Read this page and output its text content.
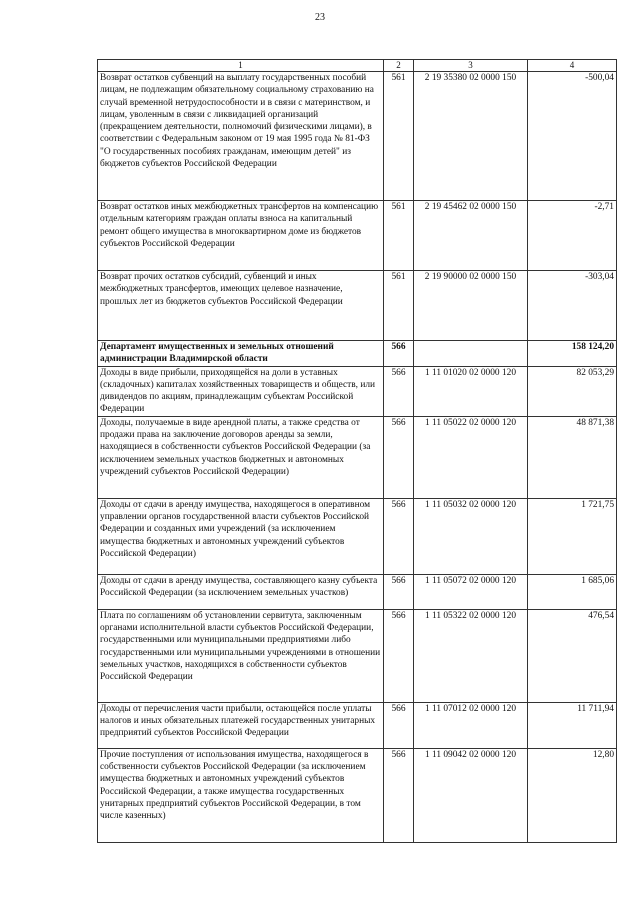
23
1	2	3	4
Возврат остатков субвенций на выплату государственных пособий лицам, не подлежащим обязательному социальному страхованию на случай временной нетрудоспособности и в связи с материнством, и лицам, уволенным в связи с ликвидацией организаций (прекращением деятельности, полномочий физическими лицами), в соответствии с Федеральным законом от 19 мая 1995 года № 81-ФЗ "О государственных пособиях гражданам, имеющим детей" из бюджетов субъектов Российской Федерации	561	2 19 35380 02 0000 150	-500,04
Возврат остатков иных межбюджетных трансфертов на компенсацию отдельным категориям граждан оплаты взноса на капитальный ремонт общего имущества в многоквартирном доме из бюджетов субъектов Российской Федерации	561	2 19 45462 02 0000 150	-2,71
Возврат прочих остатков субсидий, субвенций и иных межбюджетных трансфертов, имеющих целевое назначение, прошлых лет из бюджетов субъектов Российской Федерации	561	2 19 90000 02 0000 150	-303,04
Департамент имущественных и земельных отношений администрации Владимирской области	566		158 124,20
Доходы в виде прибыли, приходящейся на доли в уставных (складочных) капиталах хозяйственных товариществ и обществ, или дивидендов по акциям, принадлежащим субъектам Российской Федерации	566	1 11 01020 02 0000 120	82 053,29
Доходы, получаемые в виде арендной платы, а также средства от продажи права на заключение договоров аренды за земли, находящиеся в собственности субъектов Российской Федерации (за исключением земельных участков бюджетных и автономных учреждений субъектов Российской Федерации)	566	1 11 05022 02 0000 120	48 871,38
Доходы от сдачи в аренду имущества, находящегося в оперативном управлении органов государственной власти субъектов Российской Федерации и созданных ими учреждений (за исключением имущества бюджетных и автономных учреждений субъектов Российской Федерации)	566	1 11 05032 02 0000 120	1 721,75
Доходы от сдачи в аренду имущества, составляющего казну субъекта Российской Федерации (за исключением земельных участков)	566	1 11 05072 02 0000 120	1 685,06
Плата по соглашениям об установлении сервитута, заключенным органами исполнительной власти субъектов Российской Федерации, государственными или муниципальными предприятиями либо государственными или муниципальными учреждениями в отношении земельных участков, находящихся в собственности субъектов Российской Федерации	566	1 11 05322 02 0000 120	476,54
Доходы от перечисления части прибыли, остающейся после уплаты налогов и иных обязательных платежей государственных унитарных предприятий субъектов Российской Федерации	566	1 11 07012 02 0000 120	11 711,94
Прочие поступления от использования имущества, находящегося в собственности субъектов Российской Федерации (за исключением имущества бюджетных и автономных учреждений субъектов Российской Федерации, а также имущества государственных унитарных предприятий субъектов Российской Федерации, в том числе казенных)	566	1 11 09042 02 0000 120	12,80
